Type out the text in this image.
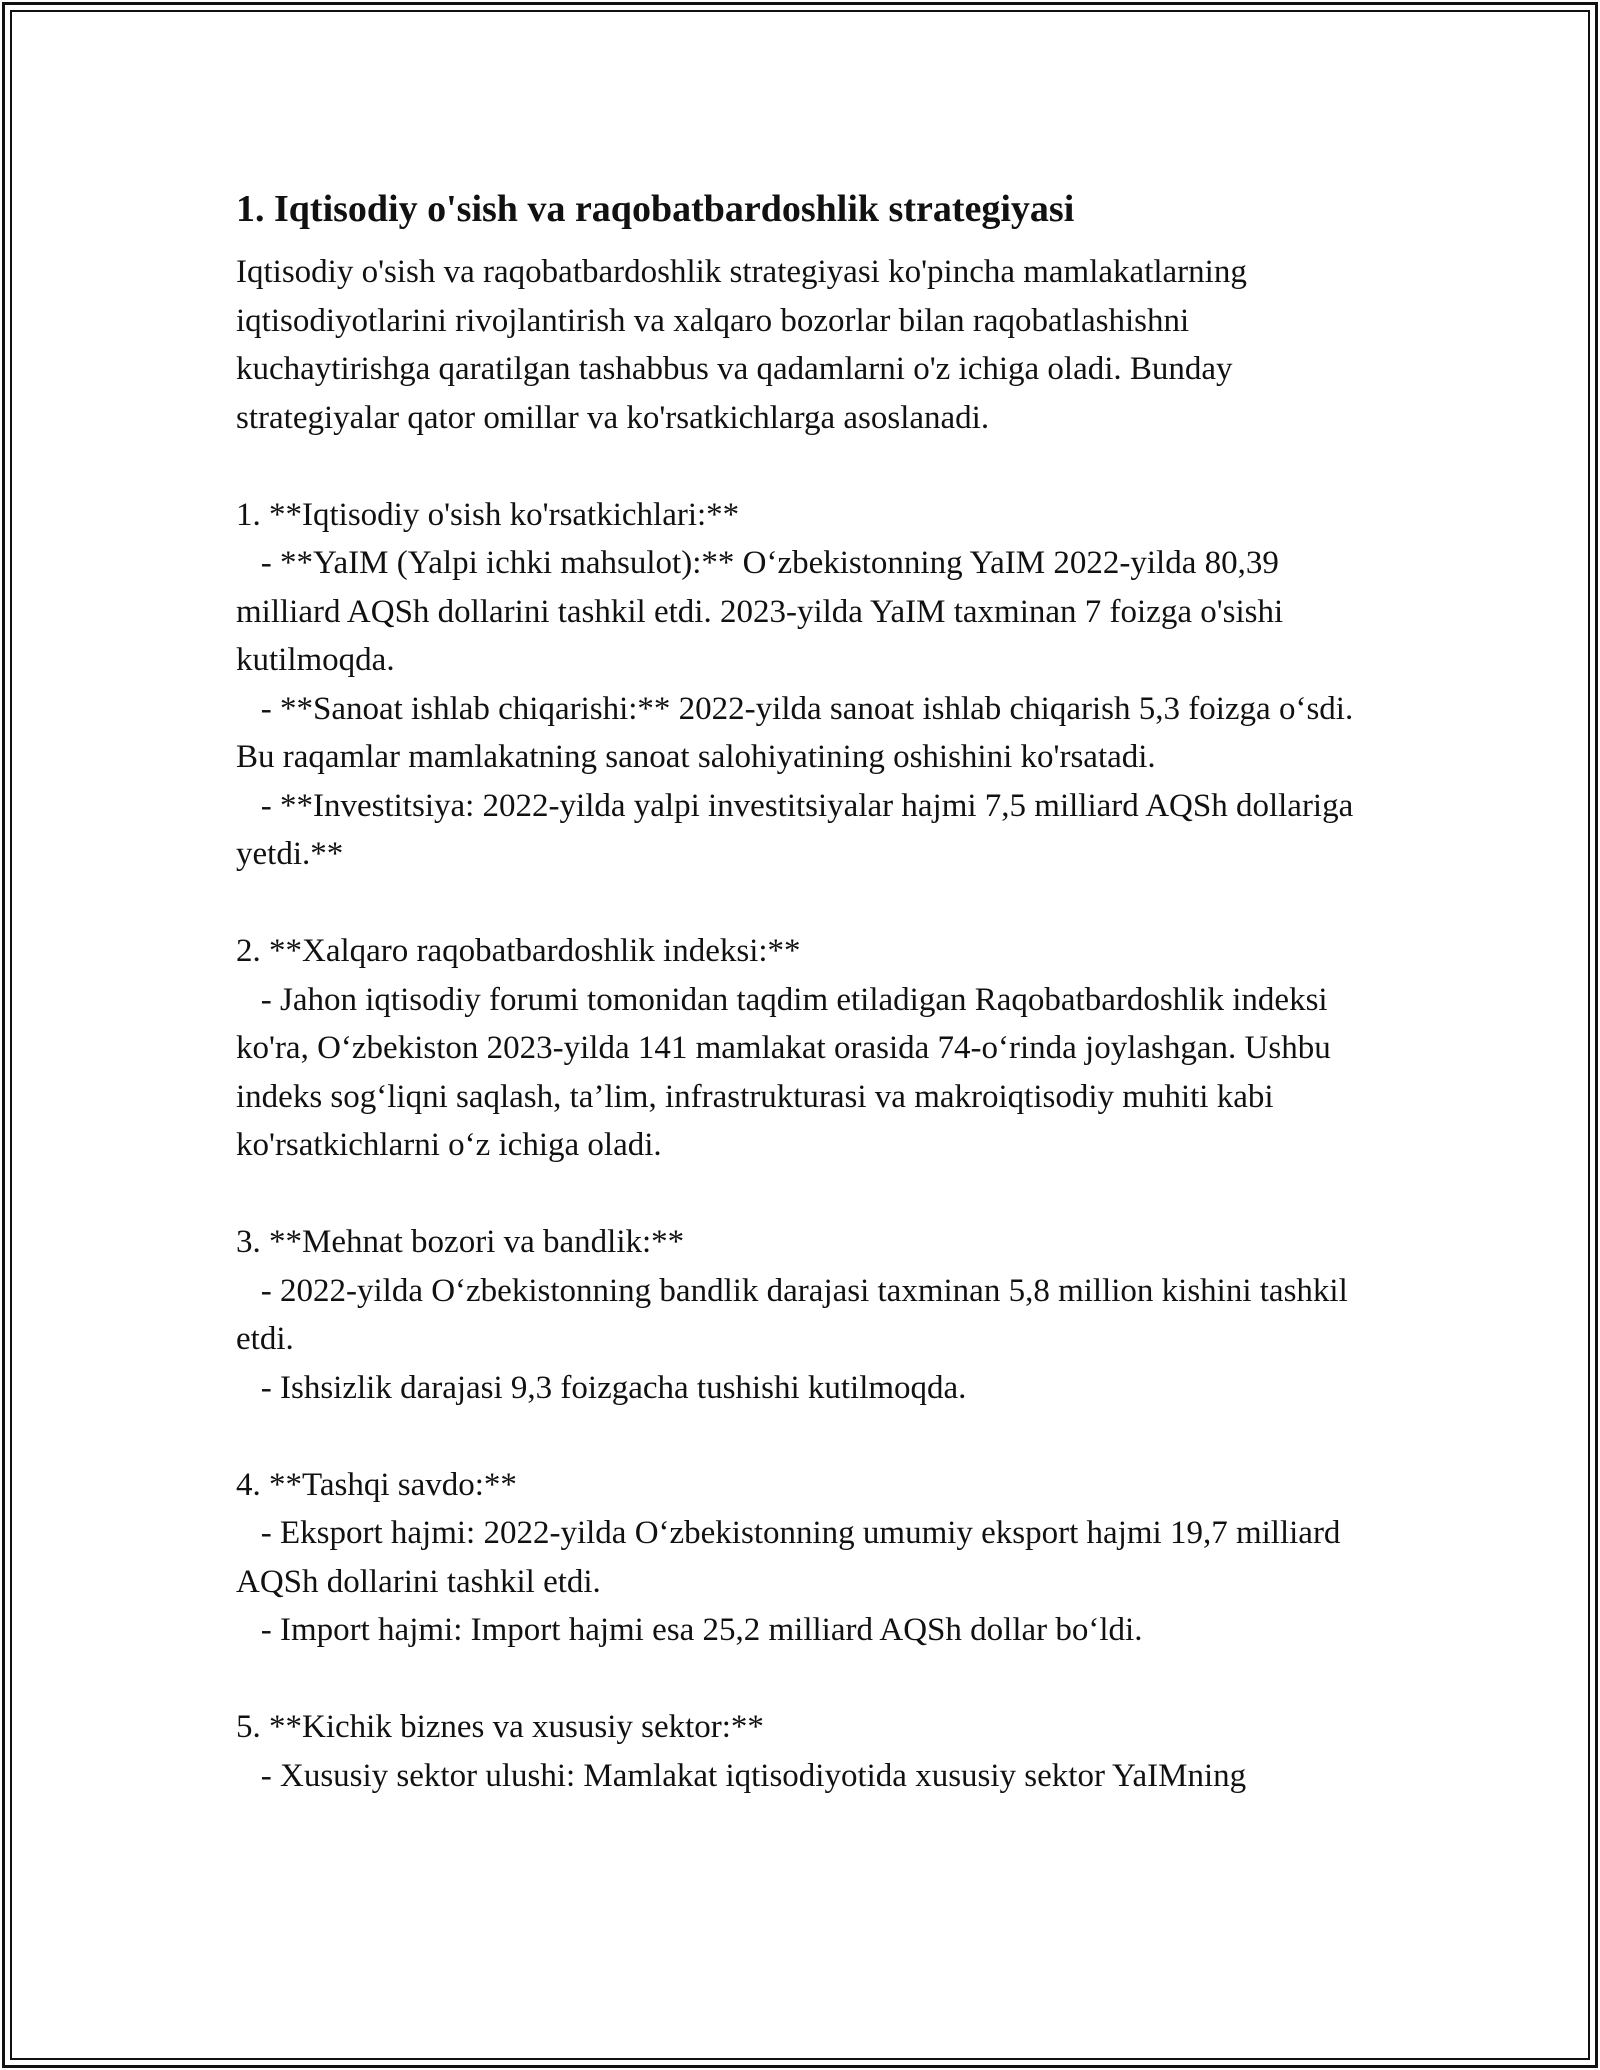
1. Iqtisodiy o'sish va raqobatbardoshlik strategiyasi

Iqtisodiy o'sish va raqobatbardoshlik strategiyasi ko'pincha mamlakatlarning iqtisodiyotlarini rivojlantirish va xalqaro bozorlar bilan raqobatlashishni kuchaytirishga qaratilgan tashabbus va qadamlarni o'z ichiga oladi. Bunday strategiyalar qator omillar va ko'rsatkichlarga asoslanadi.

1. **Iqtisodiy o'sish ko'rsatkichlari:**
- **YaIM (Yalpi ichki mahsulot):** O‘zbekistonning YaIM 2022-yilda 80,39 milliard AQSh dollarini tashkil etdi. 2023-yilda YaIM taxminan 7 foizga o'sishi kutilmoqda.
- **Sanoat ishlab chiqarishi:** 2022-yilda sanoat ishlab chiqarish 5,3 foizga o‘sdi. Bu raqamlar mamlakatning sanoat salohiyatining oshishini ko'rsatadi.
- **Investitsiya: 2022-yilda yalpi investitsiyalar hajmi 7,5 milliard AQSh dollariga yetdi.**
2. **Xalqaro raqobatbardoshlik indeksi:**
- Jahon iqtisodiy forumi tomonidan taqdim etiladigan Raqobatbardoshlik indeksi ko'ra, O‘zbekiston 2023-yilda 141 mamlakat orasida 74-o‘rinda joylashgan. Ushbu indeks sog‘liqni saqlash, ta’lim, infrastrukturasi va makroiqtisodiy muhiti kabi ko'rsatkichlarni o‘z ichiga oladi.
3. **Mehnat bozori va bandlik:**
- 2022-yilda O‘zbekistonning bandlik darajasi taxminan 5,8 million kishini tashkil etdi.
- Ishsizlik darajasi 9,3 foizgacha tushishi kutilmoqda.
4. **Tashqi savdo:**
- Eksport hajmi: 2022-yilda O‘zbekistonning umumiy eksport hajmi 19,7 milliard AQSh dollarini tashkil etdi.
- Import hajmi: Import hajmi esa 25,2 milliard AQSh dollar bo‘ldi.
5. **Kichik biznes va xususiy sektor:**
- Xususiy sektor ulushi: Mamlakat iqtisodiyotida xususiy sektor YaIMning
